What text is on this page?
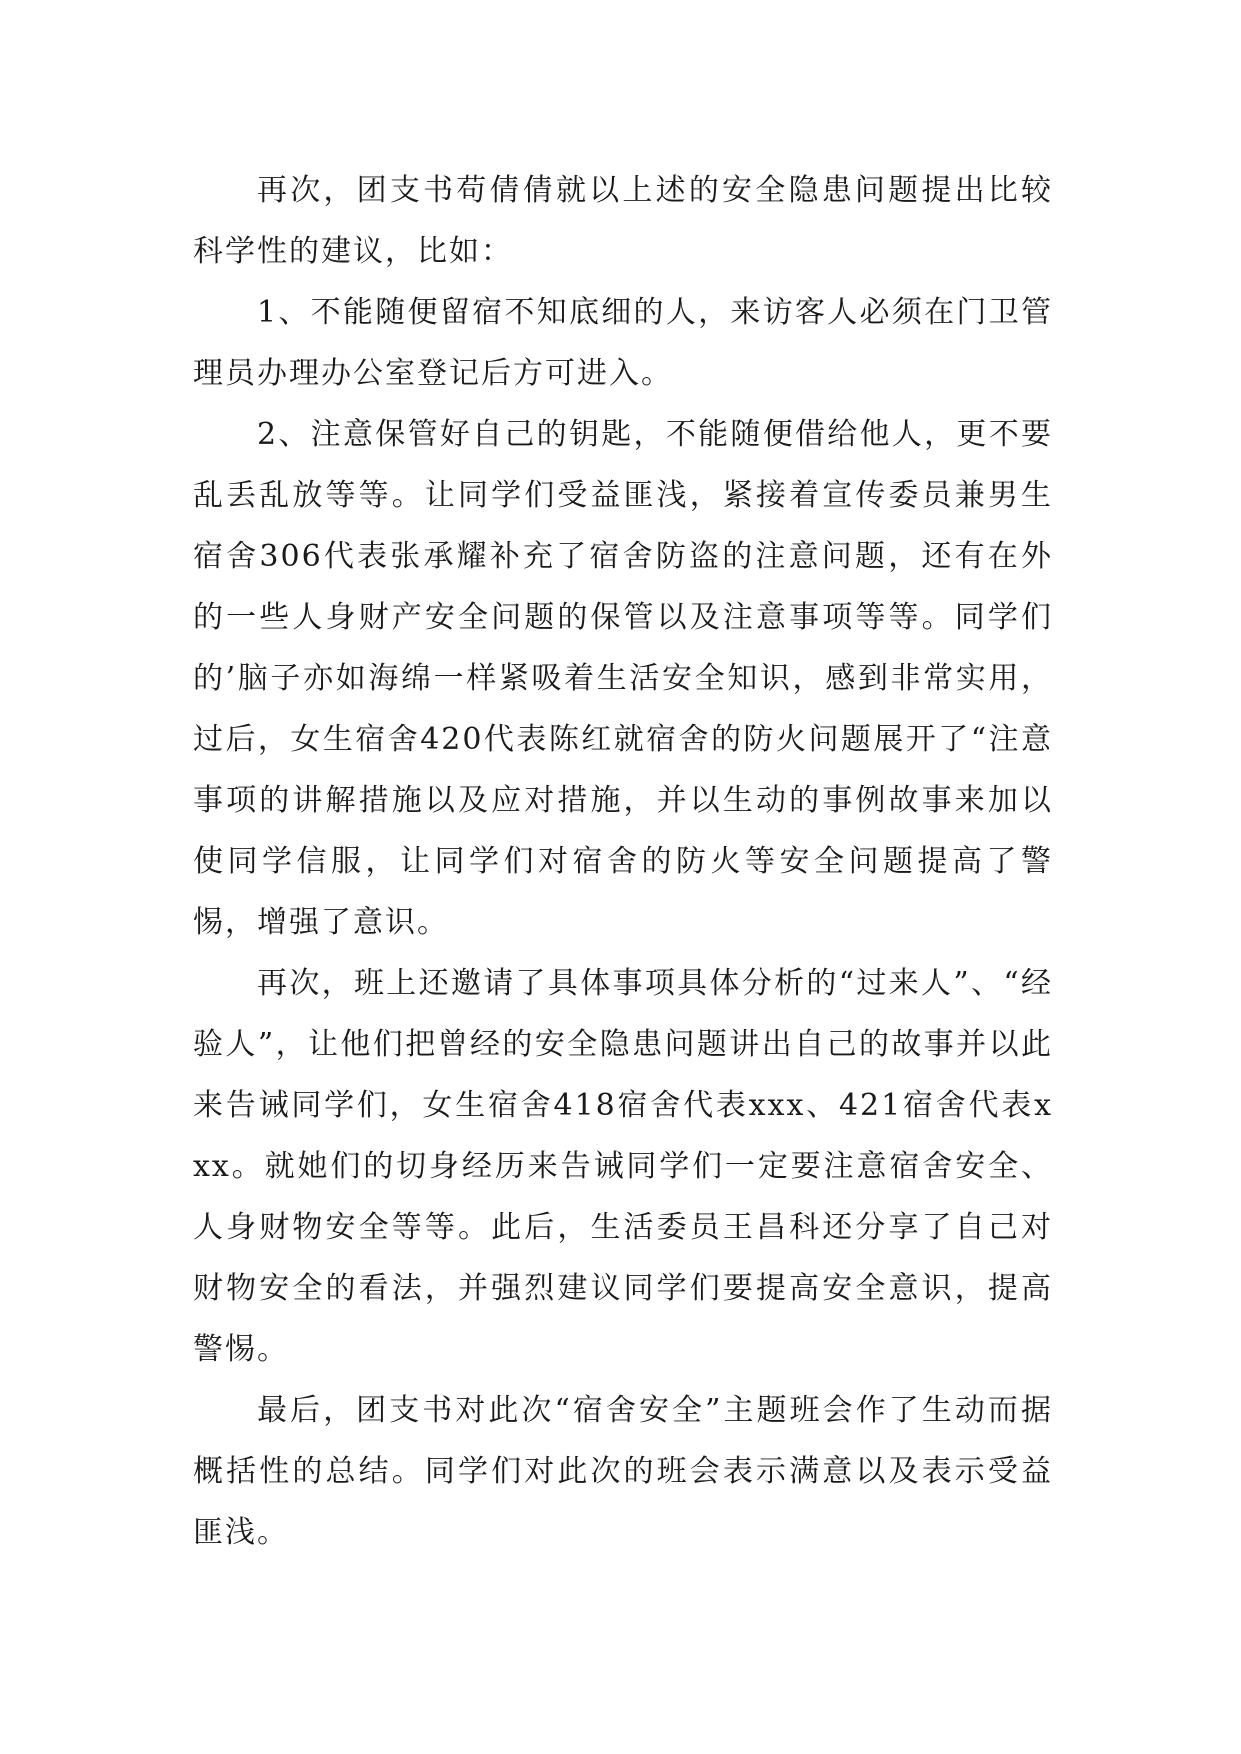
再次，团支书苟倩倩就以上述的安全隐患问题提出比较科学性的建议，比如：

1、不能随便留宿不知底细的人，来访客人必须在门卫管理员办理办公室登记后方可进入。

2、注意保管好自己的钥匙，不能随便借给他人，更不要乱丢乱放等等。让同学们受益匪浅，紧接着宣传委员兼男生宿舍306代表张承耀补充了宿舍防盗的注意问题，还有在外的一些人身财产安全问题的保管以及注意事项等等。同学们的’脑子亦如海绵一样紧吸着生活安全知识，感到非常实用，过后，女生宿舍420代表陈红就宿舍的防火问题展开了“注意事项的讲解措施以及应对措施，并以生动的事例故事来加以使同学信服，让同学们对宿舍的防火等安全问题提高了警惕，增强了意识。

再次，班上还邀请了具体事项具体分析的“过来人”、“经验人”，让他们把曾经的安全隐患问题讲出自己的故事并以此来告诫同学们，女生宿舍418宿舍代表xxx、421宿舍代表xxx。就她们的切身经历来告诫同学们一定要注意宿舍安全、人身财物安全等等。此后，生活委员王昌科还分享了自己对财物安全的看法，并强烈建议同学们要提高安全意识，提高警惕。

最后，团支书对此次“宿舍安全”主题班会作了生动而据概括性的总结。同学们对此次的班会表示满意以及表示受益匪浅。
